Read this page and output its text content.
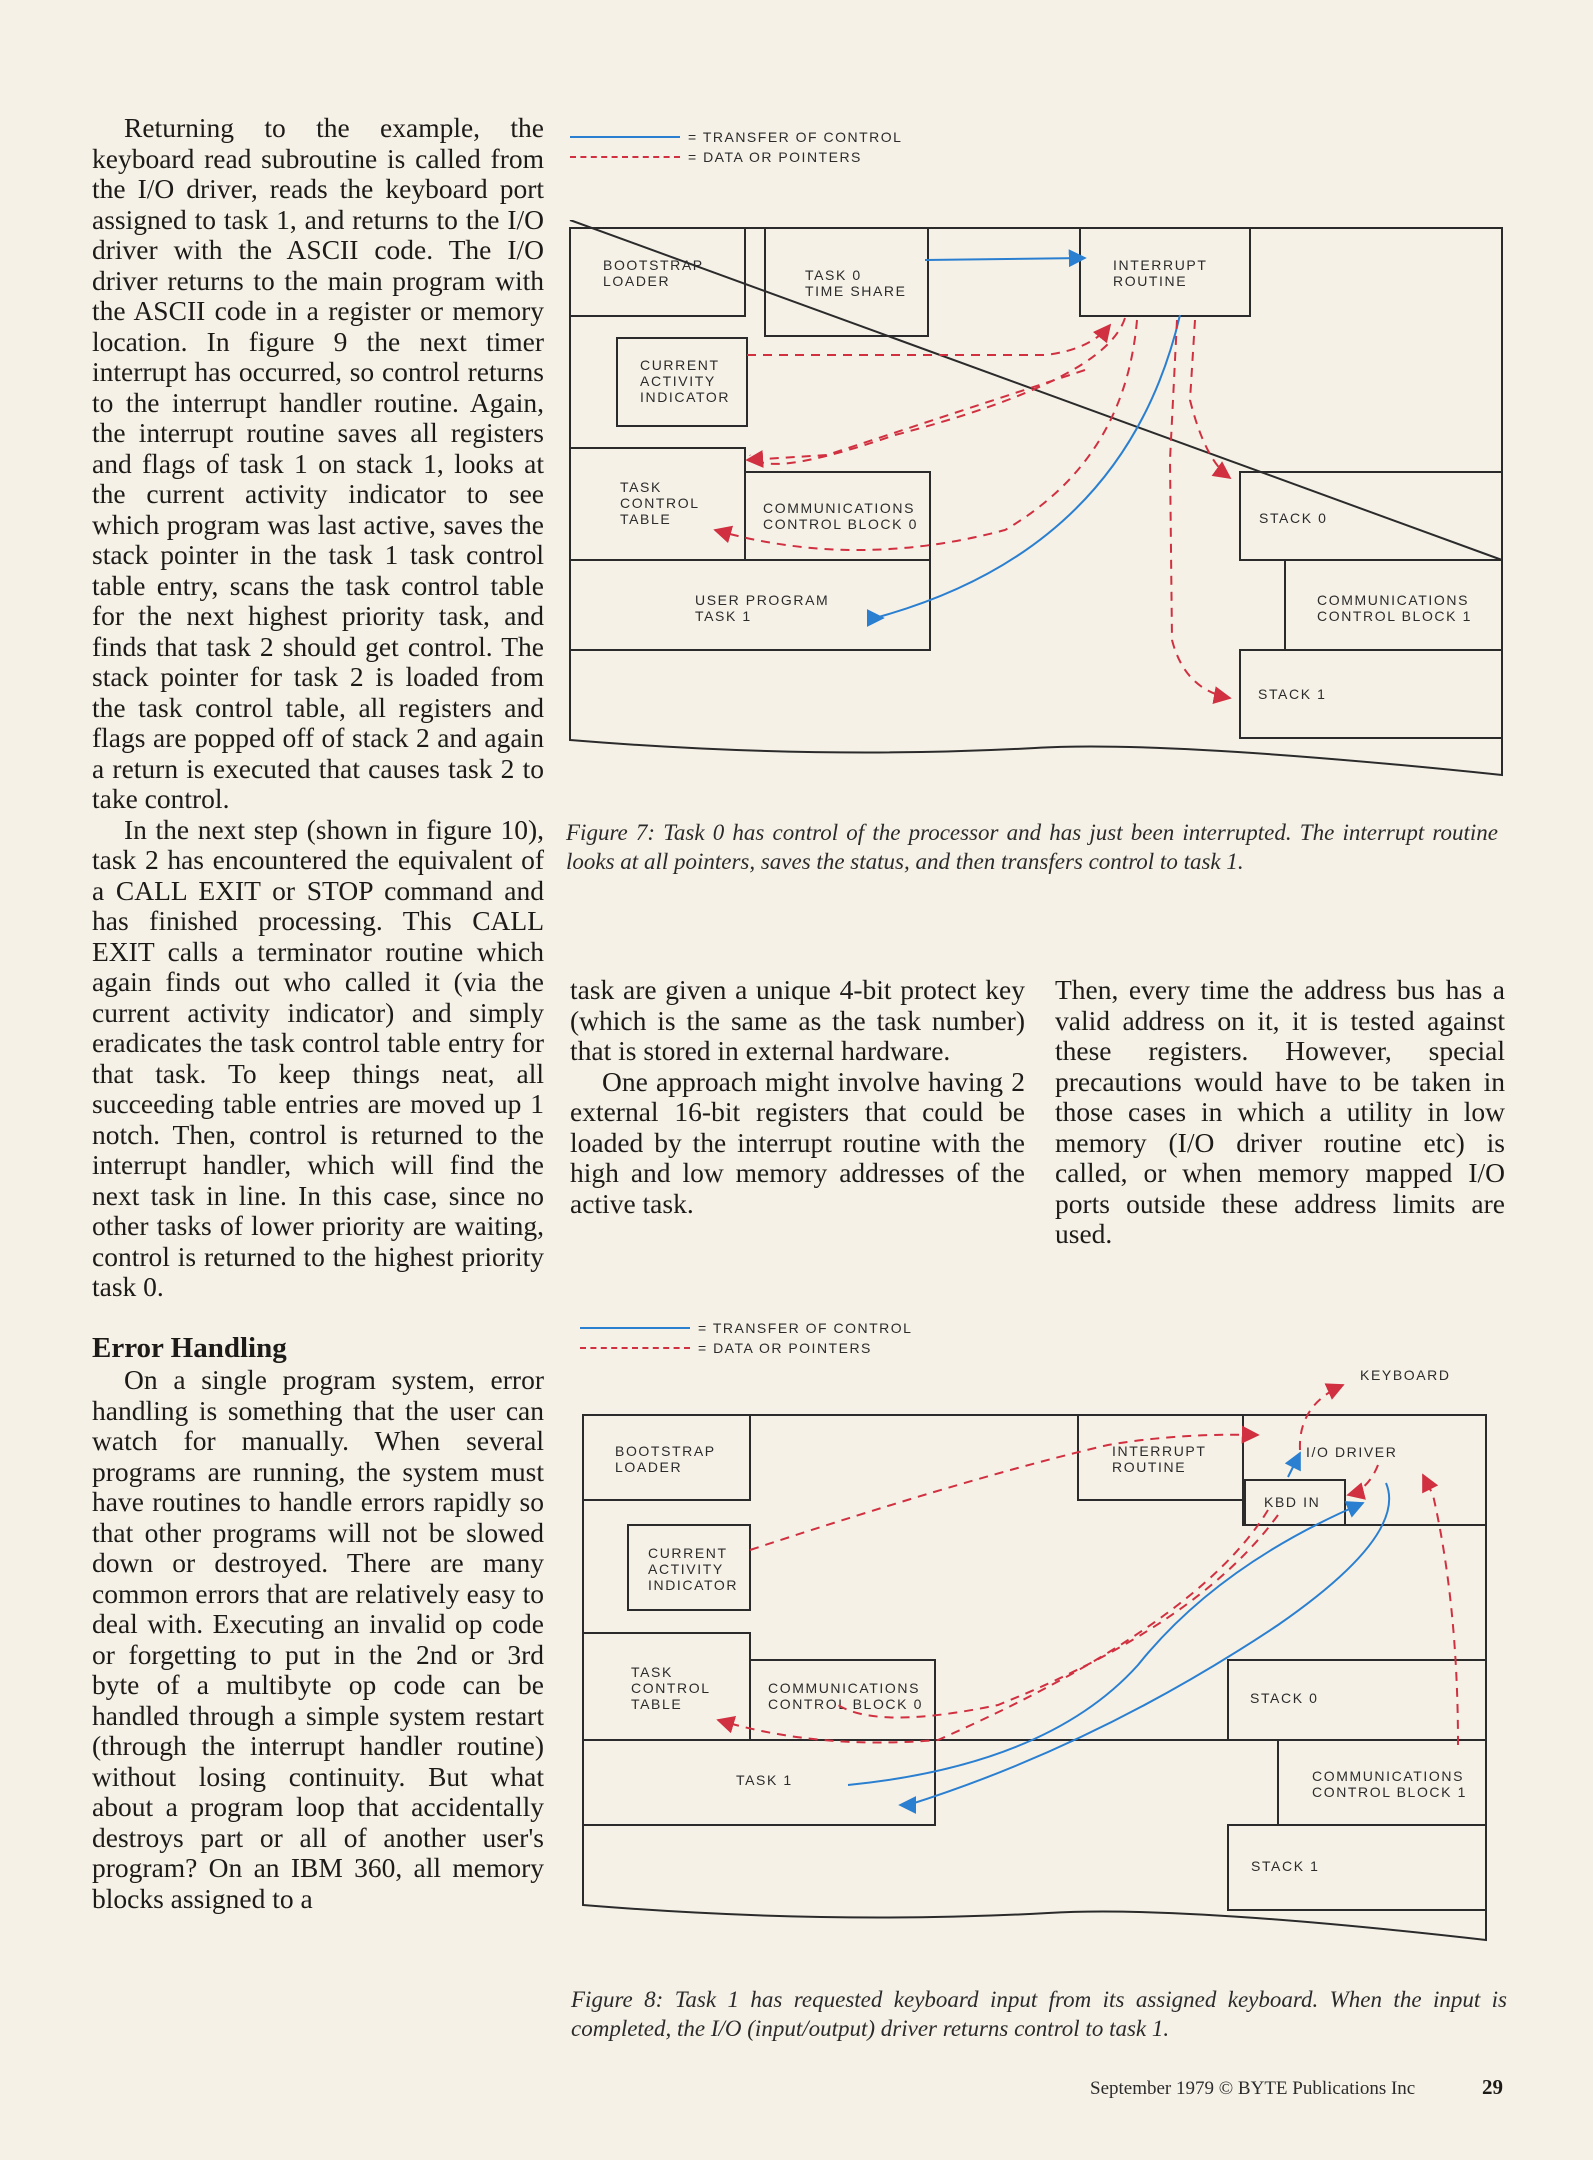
Returning to the example, the keyboard read subroutine is called from the I/O driver, reads the keyboard port assigned to task 1, and returns to the I/O driver with the ASCII code. The I/O driver returns to the main program with the ASCII code in a register or memory location. In figure 9 the next timer interrupt has occurred, so control returns to the interrupt handler routine. Again, the interrupt routine saves all registers and flags of task 1 on stack 1, looks at the current activity indicator to see which program was last active, saves the stack pointer in the task 1 task control table entry, scans the task control table for the next highest priority task, and finds that task 2 should get control. The stack pointer for task 2 is loaded from the task control table, all registers and flags are popped off of stack 2 and again a return is executed that causes task 2 to take control.

In the next step (shown in figure 10), task 2 has encountered the equivalent of a CALL EXIT or STOP command and has finished processing. This CALL EXIT calls a terminator routine which again finds out who called it (via the current activity indicator) and simply eradicates the task control table entry for that task. To keep things neat, all succeeding table entries are moved up 1 notch. Then, control is returned to the interrupt handler, which will find the next task in line. In this case, since no other tasks of lower priority are waiting, control is returned to the highest priority task 0.

Error Handling

On a single program system, error handling is something that the user can watch for manually. When several programs are running, the system must have routines to handle errors rapidly so that other programs will not be slowed down or destroyed. There are many common errors that are relatively easy to deal with. Executing an invalid op code or forgetting to put in the 2nd or 3rd byte of a multibyte op code can be handled through a simple system restart (through the interrupt handler routine) without losing continuity. But what about a program loop that accidentally destroys part or all of another user's program? On an IBM 360, all memory blocks assigned to a

= TRANSFER OF CONTROL
= DATA OR POINTERS
BOOTSTRAP
LOADER	TASK 0
TIME SHARE
INTERRUPT
ROUTINE
CURRENT
ACTIVITY
INDICATOR
TASK
CONTROL
TABLE
COMMUNICATIONS
CONTROL BLOCK 0	STACK 0
USER PROGRAM
TASK 1
COMMUNICATIONS
CONTROL BLOCK 1
STACK 1
Figure 7: Task 0 has control of the processor and has just been interrupted. The interrupt routine looks at all pointers, saves the status, and then transfers control to task 1.

task are given a unique 4-bit protect key (which is the same as the task number) that is stored in external hardware.

One approach might involve having 2 external 16-bit registers that could be loaded by the interrupt routine with the high and low memory addresses of the active task.

Then, every time the address bus has a valid address on it, it is tested against these registers. However, special precautions would have to be taken in those cases in which a utility in low memory (I/O driver routine etc) is called, or when memory mapped I/O ports outside these address limits are used.

= TRANSFER OF CONTROL
= DATA OR POINTERS
KEYBOARD
BOOTSTRAP
LOADER
INTERRUPT
ROUTINE
I/O DRIVER
KBD IN
CURRENT
ACTIVITY
INDICATOR
TASK
CONTROL
TABLE
COMMUNICATIONS
CONTROL BLOCK 0	STACK 0
TASK 1	COMMUNICATIONS
CONTROL BLOCK 1
STACK 1
Figure 8: Task 1 has requested keyboard input from its assigned keyboard. When the input is completed, the I/O (input/output) driver returns control to task 1.
September 1979 © BYTE Publications Inc	29
